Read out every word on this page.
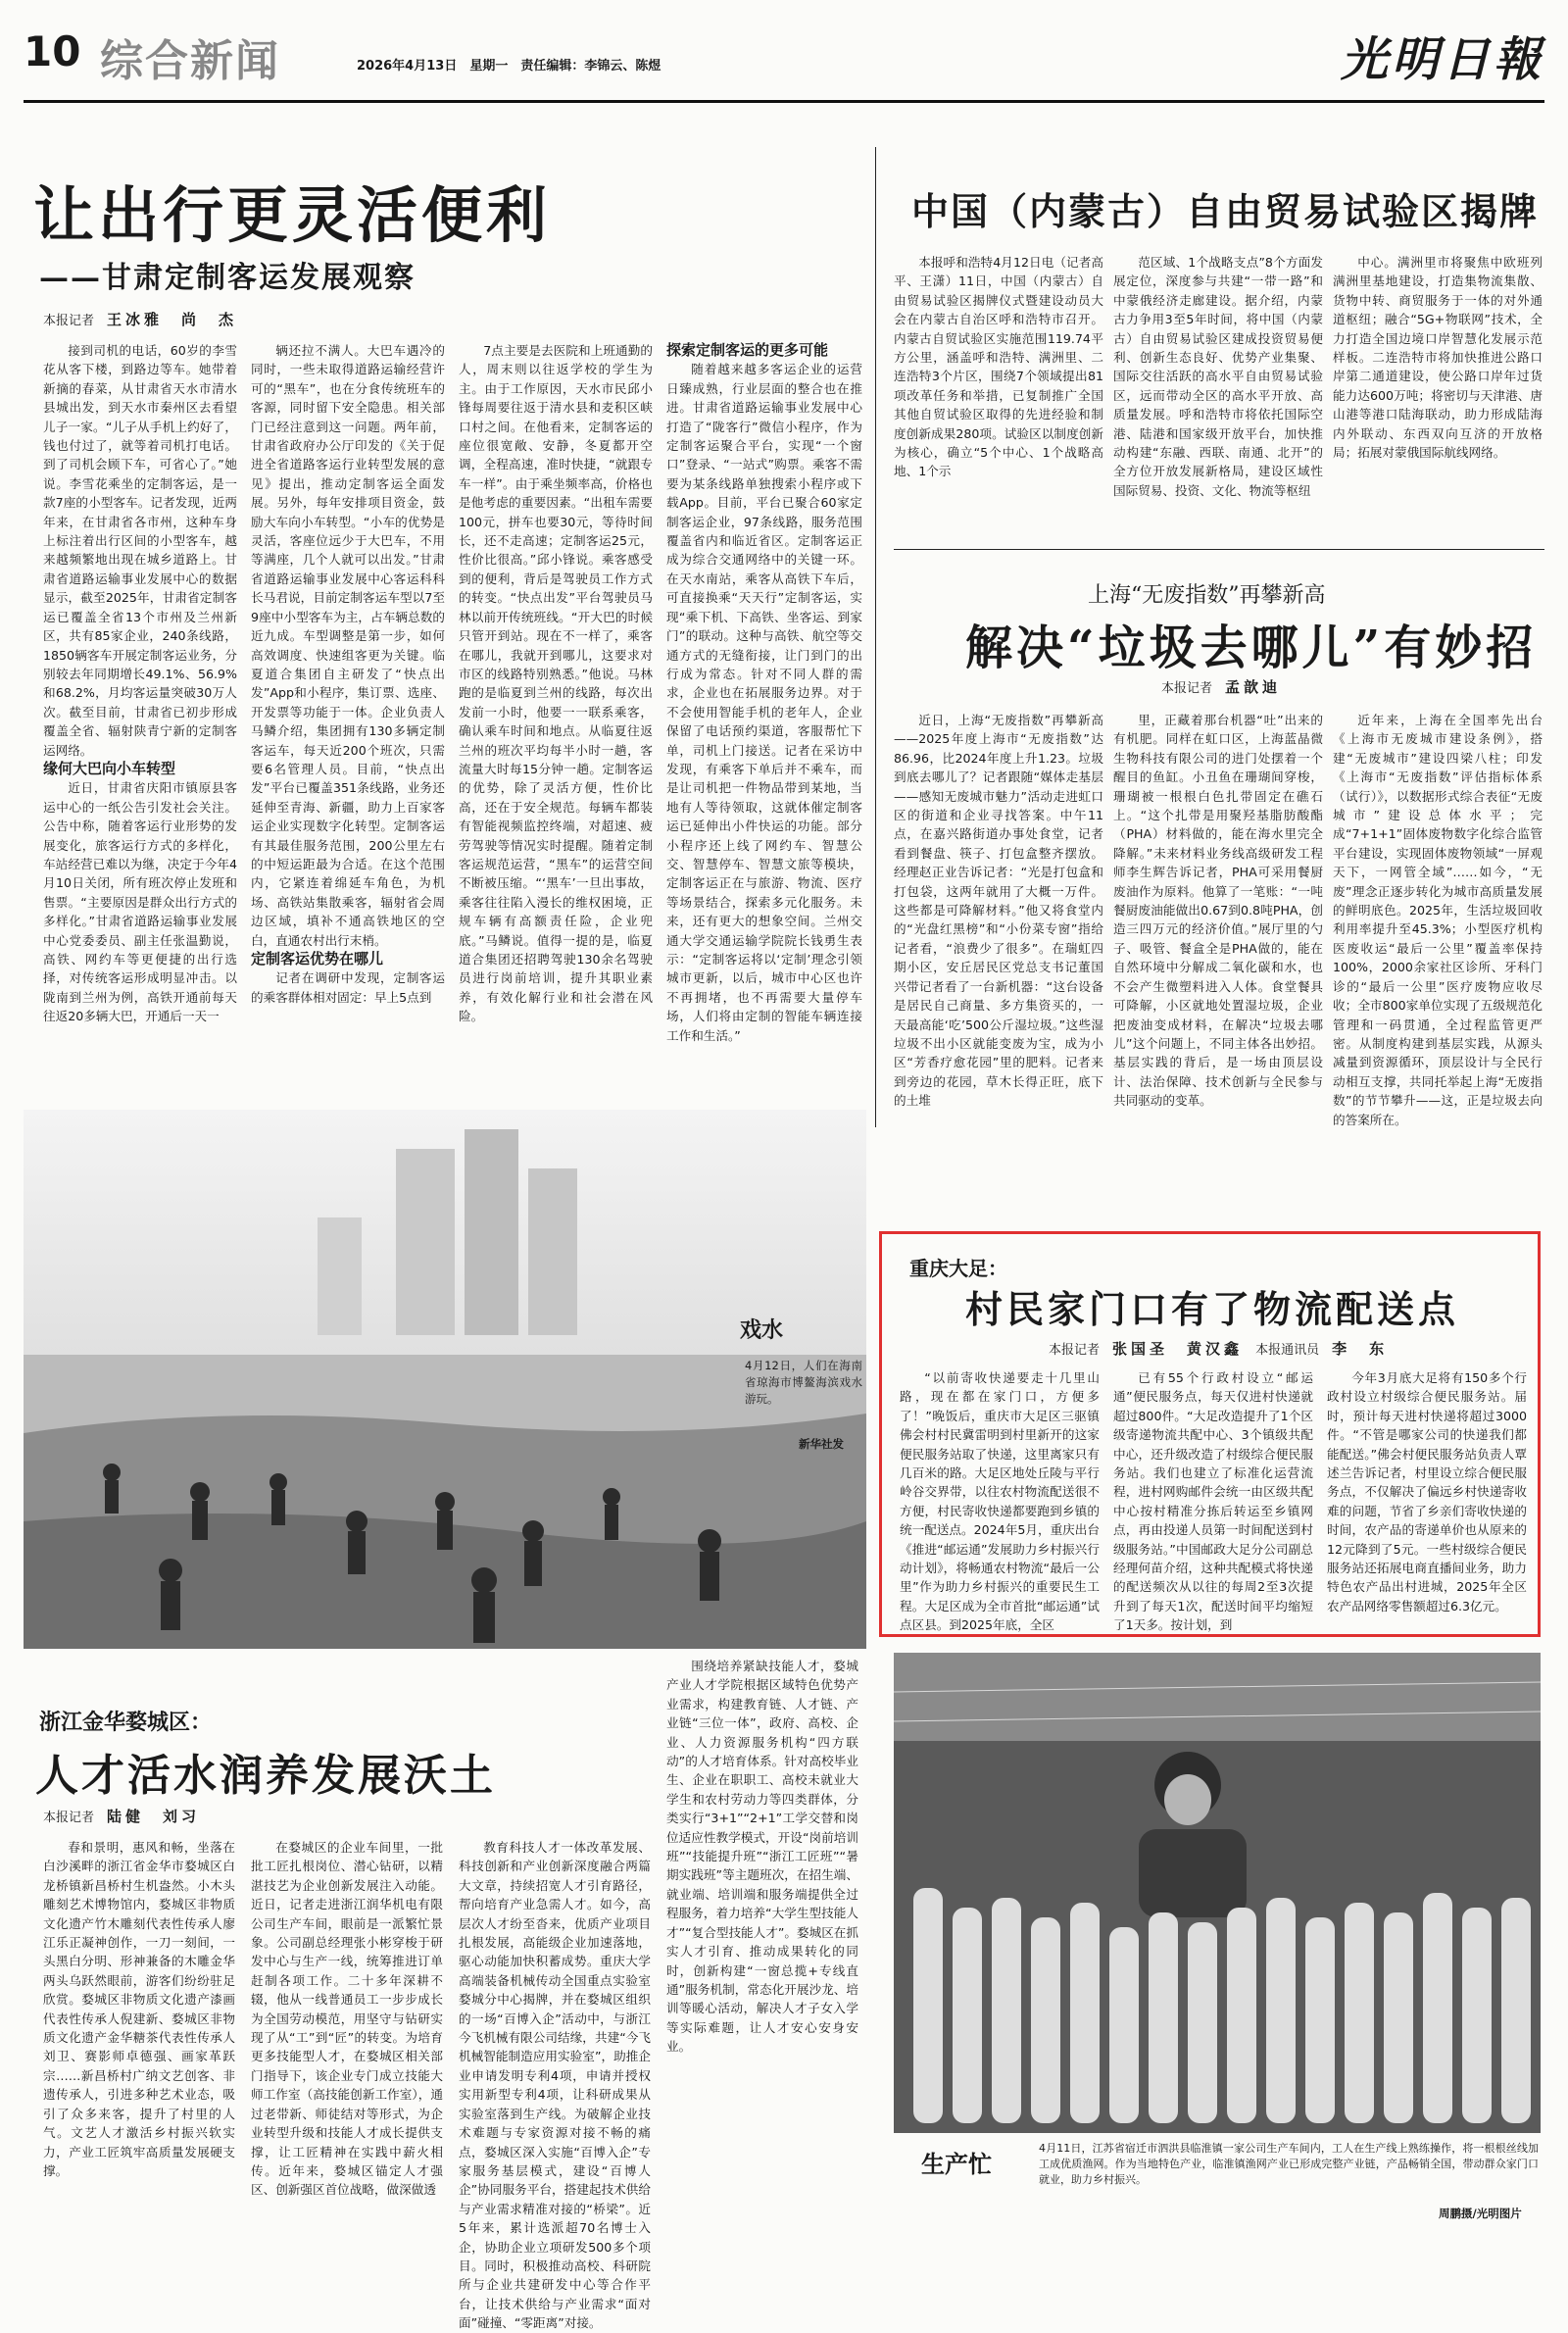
10 综合新闻	2026年4月13日　星期一　责任编辑：李锦云、陈煜	光明日報
让出行更灵活便利
——甘肃定制客运发展观察
本报记者　 王冰雅　尚　杰

接到司机的电话，60岁的李雪花从客下楼，到路边等车。她带着新摘的春菜，从甘肃省天水市清水县城出发，到天水市秦州区去看望儿子一家。“儿子从手机上约好了，钱也付过了，就等着司机打电话。到了司机会顾下车，可省心了。”她说。李雪花乘坐的定制客运，是一款7座的小型客车。记者发现，近两年来，在甘肃省各市州，这种车身上标注着出行区间的小型客车，越来越频繁地出现在城乡道路上。甘肃省道路运输事业发展中心的数据显示，截至2025年，甘肃省定制客运已覆盖全省13个市州及兰州新区，共有85家企业，240条线路，1850辆客车开展定制客运业务，分别较去年同期增长49.1%、56.9%和68.2%，月均客运量突破30万人次。截至目前，甘肃省已初步形成覆盖全省、辐射陕青宁新的定制客运网络。

缘何大巴向小车转型

近日，甘肃省庆阳市镇原县客运中心的一纸公告引发社会关注。公告中称，随着客运行业形势的发展变化，旅客运行方式的多样化，车站经营已难以为继，决定于今年4月10日关闭，所有班次停止发班和售票。“主要原因是群众出行方式的多样化。”甘肃省道路运输事业发展中心党委委员、副主任张温勤说，高铁、网约车等更便捷的出行选择，对传统客运形成明显冲击。以陇南到兰州为例，高铁开通前每天往返20多辆大巴，开通后一天一

辆还拉不满人。大巴车遇冷的同时，一些未取得道路运输经营许可的“黑车”，也在分食传统班车的客源，同时留下安全隐患。相关部门已经注意到这一问题。两年前，甘肃省政府办公厅印发的《关于促进全省道路客运行业转型发展的意见》提出，推动定制客运全面发展。另外，每年安排项目资金，鼓励大车向小车转型。“小车的优势是灵活，客座位远少于大巴车，不用等满座，几个人就可以出发。”甘肃省道路运输事业发展中心客运科科长马君说，目前定制客运车型以7至9座中小型客车为主，占车辆总数的近九成。车型调整是第一步，如何高效调度、快速组客更为关键。临夏道合集团自主研发了“快点出发”App和小程序，集订票、选座、开发票等功能于一体。企业负责人马鳞介绍，集团拥有130多辆定制客运车，每天近200个班次，只需要6名管理人员。目前，“快点出发”平台已覆盖351条线路，业务还延伸至青海、新疆，助力上百家客运企业实现数字化转型。定制客运有其最佳服务范围，200公里左右的中短运距最为合适。在这个范围内，它紧连着绵延车角色，为机场、高铁站集散乘客，辐射省会周边区域，填补不通高铁地区的空白，直通农村出行末梢。

定制客运优势在哪儿

记者在调研中发现，定制客运的乘客群体相对固定：早上5点到

7点主要是去医院和上班通勤的人，周末则以往返学校的学生为主。由于工作原因，天水市民邱小锋每周要往返于清水县和麦积区峡口村之间。在他看来，定制客运的座位很宽敞、安静，冬夏都开空调，全程高速，准时快捷，“就跟专车一样”。由于乘坐频率高，价格也是他考虑的重要因素。“出租车需要100元，拼车也要30元，等待时间长，还不走高速；定制客运25元，性价比很高。”邱小锋说。乘客感受到的便利，背后是驾驶员工作方式的转变。“快点出发”平台驾驶员马林以前开传统班线。“开大巴的时候只管开到站。现在不一样了，乘客在哪儿，我就开到哪儿，这要求对市区的线路特别熟悉。”他说。马林跑的是临夏到兰州的线路，每次出发前一小时，他要一一联系乘客，确认乘车时间和地点。从临夏往返兰州的班次平均每半小时一趟，客流量大时每15分钟一趟。定制客运的优势，除了灵活方便，性价比高，还在于安全规范。每辆车都装有智能视频监控终端，对超速、疲劳驾驶等情况实时提醒。随着定制客运规范运营，“黑车”的运营空间不断被压缩。“‘黑车’一旦出事故，乘客往往陷入漫长的维权困境，正规车辆有高额责任险，企业兜底。”马鳞说。值得一提的是，临夏道合集团还招聘驾驶130余名驾驶员进行岗前培训，提升其职业素养，有效化解行业和社会潜在风险。

探索定制客运的更多可能

随着越来越多客运企业的运营日臻成熟，行业层面的整合也在推进。甘肃省道路运输事业发展中心打造了“陇客行”微信小程序，作为定制客运聚合平台，实现“一个窗口”登录、“一站式”购票。乘客不需要为某条线路单独搜索小程序或下载App。目前，平台已聚合60家定制客运企业，97条线路，服务范围覆盖省内和临近省区。定制客运正成为综合交通网络中的关键一环。在天水南站，乘客从高铁下车后，可直接换乘“天天行”定制客运，实现“乘下机、下高铁、坐客运、到家门”的联动。这种与高铁、航空等交通方式的无缝衔接，让门到门的出行成为常态。针对不同人群的需求，企业也在拓展服务边界。对于不会使用智能手机的老年人，企业保留了电话预约渠道，客服帮忙下单，司机上门接送。记者在采访中发现，有乘客下单后并不乘车，而是让司机把一件物品带到某地，当地有人等待领取，这就体催定制客运已延伸出小件快运的功能。部分小程序还上线了网约车、智慧公交、智慧停车、智慧文旅等模块，定制客运正在与旅游、物流、医疗等场景结合，探索多元化服务。未来，还有更大的想象空间。兰州交通大学交通运输学院院长钱勇生表示：“定制客运将以‘定制’理念引领城市更新，以后，城市中心区也许不再拥堵，也不再需要大量停车场，人们将由定制的智能车辆连接工作和生活。”

中国（内蒙古）自由贸易试验区揭牌

本报呼和浩特4月12日电（记者高平、王潇）11日，中国（内蒙古）自由贸易试验区揭牌仪式暨建设动员大会在内蒙古自治区呼和浩特市召开。内蒙古自贸试验区实施范围119.74平方公里，涵盖呼和浩特、满洲里、二连浩特3个片区，围绕7个领域提出81项改革任务和举措，已复制推广全国其他自贸试验区取得的先进经验和制度创新成果280项。试验区以制度创新为核心，确立“5个中心、1个战略高地、1个示

范区域、1个战略支点”8个方面发展定位，深度参与共建“一带一路”和中蒙俄经济走廊建设。据介绍，内蒙古力争用3至5年时间，将中国（内蒙古）自由贸易试验区建成投资贸易便利、创新生态良好、优势产业集聚、国际交往活跃的高水平自由贸易试验区，远而带动全区的高水平开放、高质量发展。呼和浩特市将依托国际空港、陆港和国家级开放平台，加快推动构建“东融、西联、南通、北开”的全方位开放发展新格局，建设区域性国际贸易、投资、文化、物流等枢纽

中心。满洲里市将聚焦中欧班列满洲里基地建设，打造集物流集散、货物中转、商贸服务于一体的对外通道枢纽；融合“5G+物联网”技术，全力打造全国边境口岸智慧化发展示范样板。二连浩特市将加快推进公路口岸第二通道建设，使公路口岸年过货能力达600万吨；将密切与天津港、唐山港等港口陆海联动，助力形成陆海内外联动、东西双向互济的开放格局；拓展对蒙俄国际航线网络。

上海“无废指数”再攀新高
解决“垃圾去哪儿”有妙招
本报记者　 孟歆迪

近日，上海“无废指数”再攀新高——2025年度上海市“无废指数”达86.96，比2024年度上升1.23。垃圾到底去哪儿了？记者跟随“媒体走基层——感知无废城市魅力”活动走进虹口区的街道和企业寻找答案。中午11点，在嘉兴路街道办事处食堂，记者看到餐盘、筷子、打包盒整齐摆放。经理赵正业告诉记者：“光是打包盒和打包袋，这两年就用了大概一万件。这些都是可降解材料。”他又将食堂内的“光盘红黑榜”和“小份菜专窗”指给记者看，“浪费少了很多”。在瑞虹四期小区，安丘居民区党总支书记董国兴带记者看了一台新机器：“这台设备是居民自己商量、多方集资买的，一天最高能‘吃’500公斤湿垃圾。”这些湿垃圾不出小区就能变废为宝，成为小区“芳香疗愈花园”里的肥料。记者来到旁边的花园，草木长得正旺，底下的土堆

里，正藏着那台机器“吐”出来的有机肥。同样在虹口区，上海蓝晶微生物科技有限公司的进门处摆着一个醒目的鱼缸。小丑鱼在珊瑚间穿梭，珊瑚被一根根白色扎带固定在礁石上。“这个扎带是用聚羟基脂肪酸酯（PHA）材料做的，能在海水里完全降解。”未来材料业务线高级研发工程师李生辉告诉记者，PHA可采用餐厨废油作为原料。他算了一笔账：“一吨餐厨废油能做出0.67到0.8吨PHA，创造三四万元的经济价值。”展厅里的勺子、吸管、餐盒全是PHA做的，能在自然环境中分解成二氧化碳和水，也不会产生微塑料进入人体。食堂餐具可降解，小区就地处置湿垃圾，企业把废油变成材料，在解决“垃圾去哪儿”这个问题上，不同主体各出妙招。基层实践的背后，是一场由顶层设计、法治保障、技术创新与全民参与共同驱动的变革。

近年来，上海在全国率先出台《上海市无废城市建设条例》，搭建“无废城市”建设四梁八柱；印发《上海市“无废指数”评估指标体系（试行）》，以数据形式综合表征“无废城市”建设总体水平；完成“7+1+1”固体废物数字化综合监管平台建设，实现固体废物领域“一屏观天下，一网管全域”……如今，“无废”理念正逐步转化为城市高质量发展的鲜明底色。2025年，生活垃圾回收利用率提升至45.3%；小型医疗机构医废收运“最后一公里”覆盖率保持100%，2000余家社区诊所、牙科门诊的“最后一公里”医疗废物应收尽收；全市800家单位实现了五级规范化管理和一码贯通，全过程监管更严密。从制度构建到基层实践，从源头减量到资源循环，顶层设计与全民行动相互支撑，共同托举起上海“无废指数”的节节攀升——这，正是垃圾去向的答案所在。

戏水
4月12日，人们在海南省琼海市博鳌海滨戏水游玩。
新华社发
重庆大足：
村民家门口有了物流配送点
本报记者　 张国圣　黄汉鑫　 本报通讯员　 李　东

“以前寄收快递要走十几里山路，现在都在家门口，方便多了！”晚饭后，重庆市大足区三驱镇佛会村村民冀雷明到村里新开的这家便民服务站取了快递，这里离家只有几百米的路。大足区地处丘陵与平行岭谷交界带，以往农村物流配送很不方便，村民寄收快递都要跑到乡镇的统一配送点。2024年5月，重庆出台《推进“邮运通”发展助力乡村振兴行动计划》，将畅通农村物流“最后一公里”作为助力乡村振兴的重要民生工程。大足区成为全市首批“邮运通”试点区县。到2025年底，全区

已有55个行政村设立“邮运通”便民服务点，每天仅进村快递就超过800件。“大足改造提升了1个区级寄递物流共配中心、3个镇级共配中心，还升级改造了村级综合便民服务站。我们也建立了标准化运营流程，进村网购邮件会统一由区级共配中心按村精准分拣后转运至乡镇网点，再由投递人员第一时间配送到村级服务站。”中国邮政大足分公司副总经理何苗介绍，这种共配模式将快递的配送频次从以往的每周2至3次提升到了每天1次，配送时间平均缩短了1天多。按计划，到

今年3月底大足将有150多个行政村设立村级综合便民服务站。届时，预计每天进村快递将超过3000件。“不管是哪家公司的快递我们都能配送。”佛会村便民服务站负责人覃述兰告诉记者，村里设立综合便民服务点，不仅解决了偏远乡村快递寄收难的问题，节省了乡亲们寄收快递的时间，农产品的寄递单价也从原来的12元降到了5元。一些村级综合便民服务站还拓展电商直播间业务，助力特色农产品出村进城，2025年全区农产品网络零售额超过6.3亿元。

浙江金华婺城区：
人才活水润养发展沃土
本报记者　 陆健　刘习

春和景明，惠风和畅，坐落在白沙溪畔的浙江省金华市婺城区白龙桥镇新昌桥村生机盎然。小木头雕刻艺术博物馆内，婺城区非物质文化遗产竹木雕刻代表性传承人廖江乐正凝神创作，一刀一刻间，一头黑白分明、形神兼备的木雕金华两头乌跃然眼前，游客们纷纷驻足欣赏。婺城区非物质文化遗产漆画代表性传承人倪建新、婺城区非物质文化遗产金华糖茶代表性传承人刘卫、赛影师卓德强、画家革跃宗……新昌桥村广纳文艺创客、非遗传承人，引进多种艺术业态，吸引了众多来客，提升了村里的人气。文艺人才激活乡村振兴软实力，产业工匠筑牢高质量发展硬支撑。

在婺城区的企业车间里，一批批工匠扎根岗位、潜心钻研，以精湛技艺为企业创新发展注入动能。近日，记者走进浙江润华机电有限公司生产车间，眼前是一派繁忙景象。公司副总经理张小彬穿梭于研发中心与生产一线，统筹推进订单赶制各项工作。二十多年深耕不辍，他从一线普通员工一步步成长为全国劳动模范，用坚守与钻研实现了从“工”到“匠”的转变。为培育更多技能型人才，在婺城区相关部门指导下，该企业专门成立技能大师工作室（高技能创新工作室），通过老带新、师徒结对等形式，为企业转型升级和技能人才成长提供支撑，让工匠精神在实践中薪火相传。近年来，婺城区锚定人才强区、创新强区首位战略，做深做透

教育科技人才一体改革发展、科技创新和产业创新深度融合两篇大文章，持续招宽人才引育路径，帮向培育产业急需人才。如今，高层次人才纷至沓来，优质产业项目扎根发展，高能级企业加速落地，驱心动能加快积蓄成势。重庆大学高端装备机械传动全国重点实验室婺城分中心揭牌，并在婺城区组织的一场“百博入企”活动中，与浙江今飞机械有限公司结缘，共建“今飞机械智能制造应用实验室”，助推企业申请发明专利4项，申请并授权实用新型专利4项，让科研成果从实验室落到生产线。为破解企业技术难题与专家资源对接不畅的痛点，婺城区深入实施“百博入企”专家服务基层模式，建设“百博人企”协同服务平台，搭建起技术供给与产业需求精准对接的“桥梁”。近5年来，累计选派超70名博士入企，协助企业立项研发500多个项目。同时，积极推动高校、科研院所与企业共建研发中心等合作平台，让技术供给与产业需求“面对面”碰撞、“零距离”对接。

围绕培养紧缺技能人才，婺城产业人才学院根据区域特色优势产业需求，构建教育链、人才链、产业链“三位一体”，政府、高校、企业、人力资源服务机构“四方联动”的人才培育体系。针对高校毕业生、企业在职职工、高校未就业大学生和农村劳动力等四类群体，分类实行“3+1”“2+1”工学交替和岗位适应性教学模式，开设“岗前培训班”“技能提升班”“浙江工匠班”“暑期实践班”等主题班次，在招生端、就业端、培训端和服务端提供全过程服务，着力培养“大学生型技能人才”“复合型技能人才”。婺城区在抓实人才引育、推动成果转化的同时，创新构建“一窗总揽+专线直通”服务机制，常态化开展沙龙、培训等暖心活动，解决人才子女入学等实际难题，让人才安心安身安业。

生产忙
4月11日，江苏省宿迁市泗洪县临淮镇一家公司生产车间内，工人在生产线上熟练操作，将一根根丝线加工成优质渔网。作为当地特色产业，临淮镇渔网产业已形成完整产业链，产品畅销全国，带动群众家门口就业，助力乡村振兴。
周鹏摄/光明图片
